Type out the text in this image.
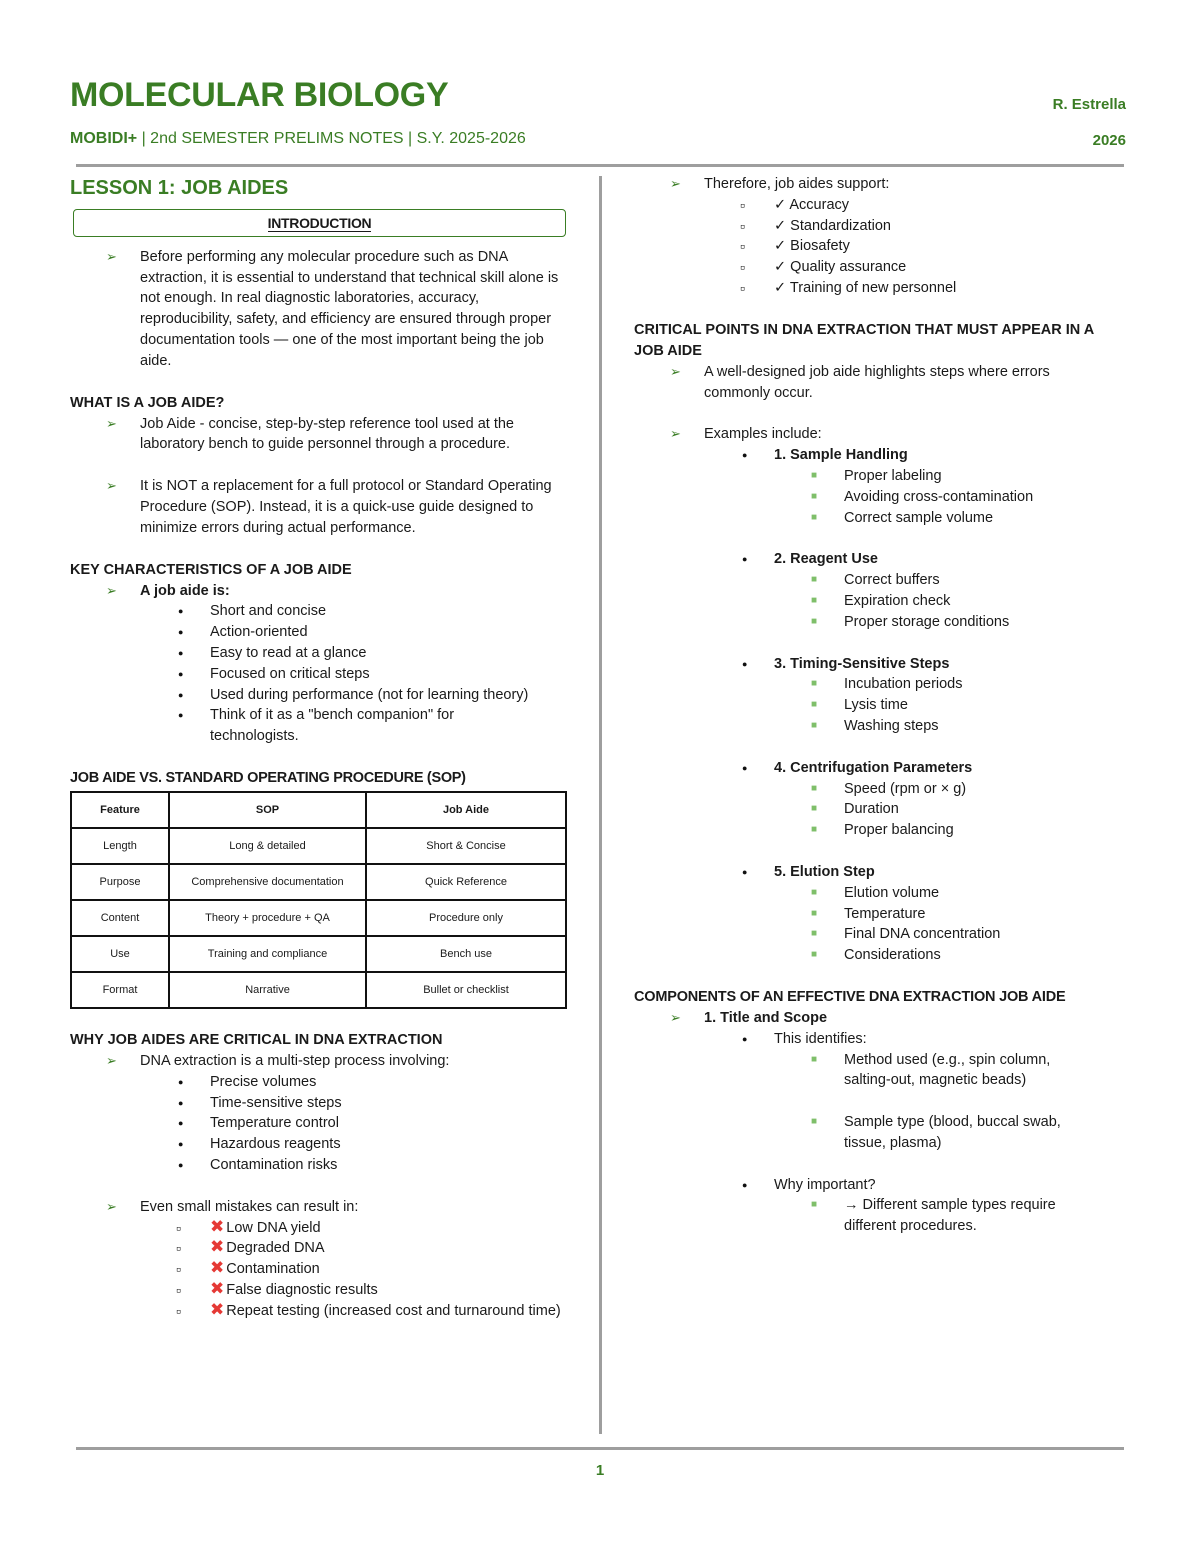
MOLECULAR BIOLOGY	R. Estrella
MOBIDI+ | 2nd SEMESTER PRELIMS NOTES | S.Y. 2025-2026	2026
LESSON 1: JOB AIDES
INTRODUCTION
➢ Before performing any molecular procedure such as DNA extraction, it is essential to understand that technical skill alone is not enough. In real diagnostic laboratories, accuracy, reproducibility, safety, and efficiency are ensured through proper documentation tools — one of the most important being the job aide.
WHAT IS A JOB AIDE?
➢ Job Aide - concise, step-by-step reference tool used at the laboratory bench to guide personnel through a procedure.
➢ It is NOT a replacement for a full protocol or Standard Operating Procedure (SOP). Instead, it is a quick-use guide designed to minimize errors during actual performance.
KEY CHARACTERISTICS OF A JOB AIDE
➢ A job aide is:
● Short and concise
● Action-oriented
● Easy to read at a glance
● Focused on critical steps
● Used during performance (not for learning theory)
● Think of it as a "bench companion" for technologists.
JOB AIDE VS. STANDARD OPERATING PROCEDURE (SOP)
Feature	SOP	Job Aide
Length	Long & detailed	Short & Concise
Purpose	Comprehensive documentation	Quick Reference
Content	Theory + procedure + QA	Procedure only
Use	Training and compliance	Bench use
Format	Narrative	Bullet or checklist
WHY JOB AIDES ARE CRITICAL IN DNA EXTRACTION
➢ DNA extraction is a multi-step process involving:
● Precise volumes
● Time-sensitive steps
● Temperature control
● Hazardous reagents
● Contamination risks
➢ Even small mistakes can result in:
▫ ✖ Low DNA yield
▫ ✖ Degraded DNA
▫ ✖ Contamination
▫ ✖ False diagnostic results
▫ ✖ Repeat testing (increased cost and turnaround time)
➢ Therefore, job aides support:
▫ ✓ Accuracy
▫ ✓ Standardization
▫ ✓ Biosafety
▫ ✓ Quality assurance
▫ ✓ Training of new personnel
CRITICAL POINTS IN DNA EXTRACTION THAT MUST APPEAR IN A JOB AIDE
➢ A well-designed job aide highlights steps where errors commonly occur.
➢ Examples include:
● 1. Sample Handling
■ Proper labeling
■ Avoiding cross-contamination
■ Correct sample volume
● 2. Reagent Use
■ Correct buffers
■ Expiration check
■ Proper storage conditions
● 3. Timing-Sensitive Steps
■ Incubation periods
■ Lysis time
■ Washing steps
● 4. Centrifugation Parameters
■ Speed (rpm or × g)
■ Duration
■ Proper balancing
● 5. Elution Step
■ Elution volume
■ Temperature
■ Final DNA concentration
■ Considerations
COMPONENTS OF AN EFFECTIVE DNA EXTRACTION JOB AIDE
➢ 1. Title and Scope
● This identifies:
■ Method used (e.g., spin column, salting-out, magnetic beads)
■ Sample type (blood, buccal swab, tissue, plasma)
● Why important?
■ → Different sample types require different procedures.
1
